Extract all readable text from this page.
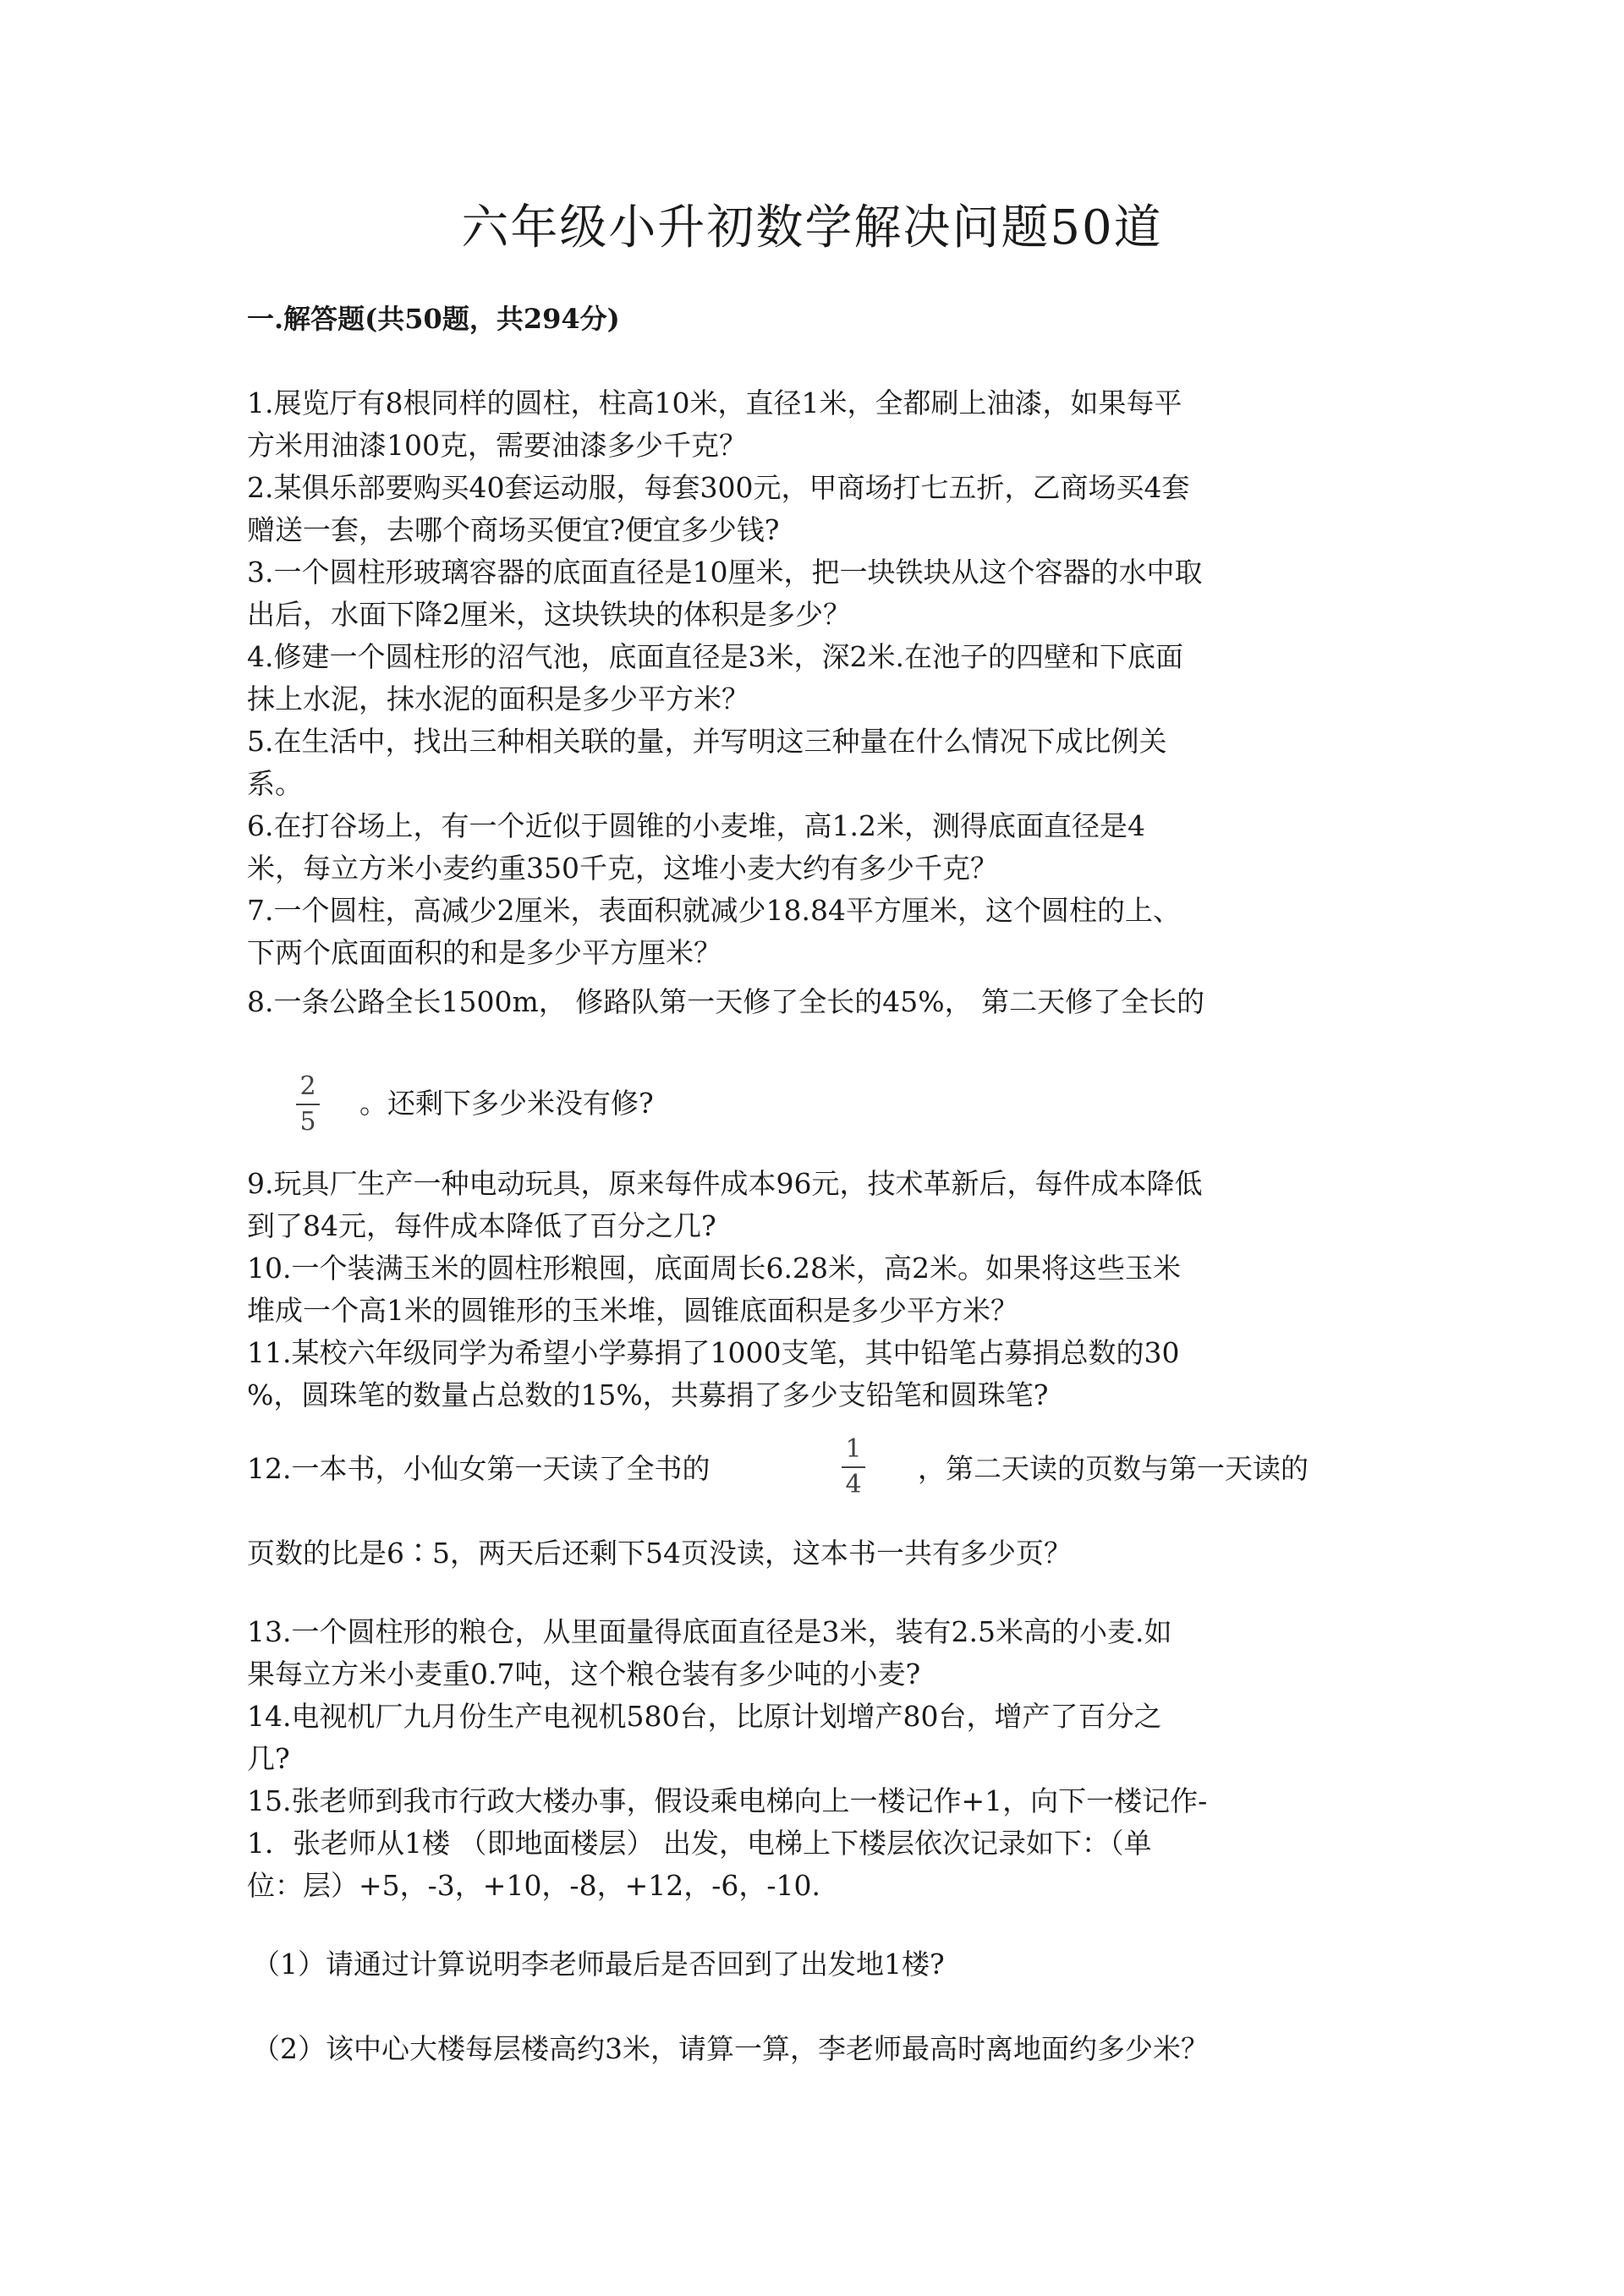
六年级小升初数学解决问题50道
一.解答题(共50题，共294分)
1.展览厅有8根同样的圆柱，柱高10米，直径1米，全都刷上油漆，如果每平
方米用油漆100克，需要油漆多少千克？
2.某俱乐部要购买40套运动服，每套300元，甲商场打七五折，乙商场买4套
赠送一套，去哪个商场买便宜?便宜多少钱?
3.一个圆柱形玻璃容器的底面直径是10厘米，把一块铁块从这个容器的水中取
出后，水面下降2厘米，这块铁块的体积是多少？
4.修建一个圆柱形的沼气池，底面直径是3米，深2米.在池子的四壁和下底面
抹上水泥，抹水泥的面积是多少平方米？
5.在生活中，找出三种相关联的量，并写明这三种量在什么情况下成比例关
系。
6.在打谷场上，有一个近似于圆锥的小麦堆，高1.2米，测得底面直径是4
米，每立方米小麦约重350千克，这堆小麦大约有多少千克？
7.一个圆柱，高减少2厘米，表面积就减少18.84平方厘米，这个圆柱的上、
下两个底面面积的和是多少平方厘米？
8.一条公路全长1500m， 修路队第一天修了全长的45%， 第二天修了全长的
2
5
。还剩下多少米没有修?
9.玩具厂生产一种电动玩具，原来每件成本96元，技术革新后，每件成本降低
到了84元，每件成本降低了百分之几?
10.一个装满玉米的圆柱形粮囤，底面周长6.28米，高2米。如果将这些玉米
堆成一个高1米的圆锥形的玉米堆，圆锥底面积是多少平方米？
11.某校六年级同学为希望小学募捐了1000支笔，其中铅笔占募捐总数的30
%，圆珠笔的数量占总数的15%，共募捐了多少支铅笔和圆珠笔?
12.一本书，小仙女第一天读了全书的
1
4 ，第二天读的页数与第一天读的
页数的比是6∶5，两天后还剩下54页没读，这本书一共有多少页？
13.一个圆柱形的粮仓，从里面量得底面直径是3米，装有2.5米高的小麦.如
果每立方米小麦重0.7吨，这个粮仓装有多少吨的小麦?
14.电视机厂九月份生产电视机580台，比原计划增产80台，增产了百分之
几?
15.张老师到我市行政大楼办事，假设乘电梯向上一楼记作+1，向下一楼记作-
1．张老师从1楼 （即地面楼层） 出发，电梯上下楼层依次记录如下：（单
位：层）+5，-3，+10，-8，+12，-6，-10.
（1）请通过计算说明李老师最后是否回到了出发地1楼?
（2）该中心大楼每层楼高约3米，请算一算，李老师最高时离地面约多少米？
